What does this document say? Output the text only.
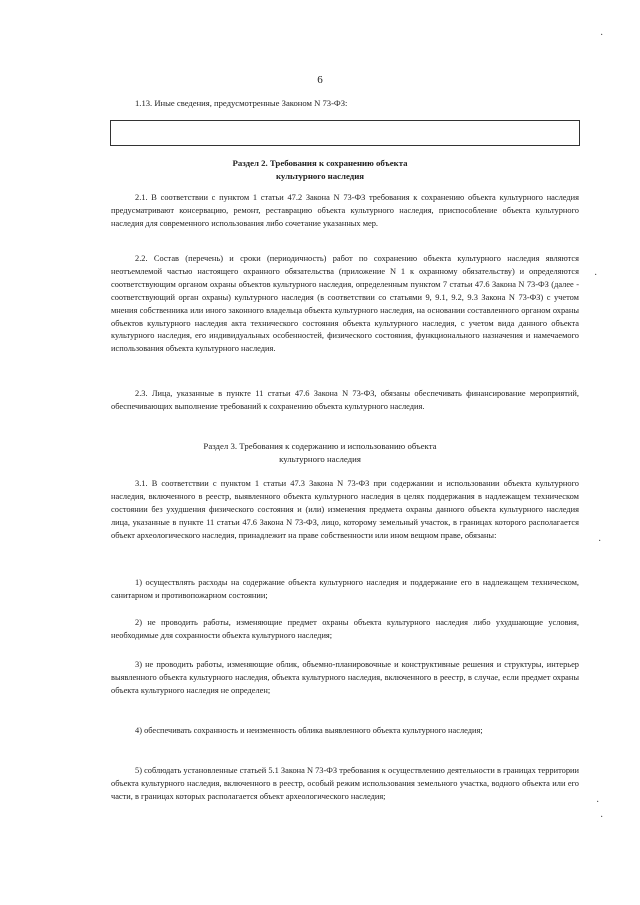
6
1.13. Иные сведения, предусмотренные Законом N 73-ФЗ:
Раздел 2. Требования к сохранению объекта
культурного наследия

2.1. В соответствии с пунктом 1 статьи 47.2 Закона N 73-ФЗ требования к сохранению объекта культурного наследия предусматривают консервацию, ремонт, реставрацию объекта культурного наследия, приспособление объекта культурного наследия для современного использования либо сочетание указанных мер.

2.2. Состав (перечень) и сроки (периодичность) работ по сохранению объекта культурного наследия являются неотъемлемой частью настоящего охранного обязательства (приложение N 1 к охранному обязательству) и определяются соответствующим органом охраны объектов культурного наследия, определенным пунктом 7 статьи 47.6 Закона N 73-ФЗ (далее - соответствующий орган охраны) культурного наследия (в соответствии со статьями 9, 9.1, 9.2, 9.3 Закона N 73-ФЗ) с учетом мнения собственника или иного законного владельца объекта культурного наследия, на основании составленного органом охраны объектов культурного наследия акта технического состояния объекта культурного наследия, с учетом вида данного объекта культурного наследия, его индивидуальных особенностей, физического состояния, функционального назначения и намечаемого использования объекта культурного наследия.

2.3. Лица, указанные в пункте 11 статьи 47.6 Закона N 73-ФЗ, обязаны обеспечивать финансирование мероприятий, обеспечивающих выполнение требований к сохранению объекта культурного наследия.

Раздел 3. Требования к содержанию и использованию объекта
культурного наследия

3.1. В соответствии с пунктом 1 статьи 47.3 Закона N 73-ФЗ при содержании и использовании объекта культурного наследия, включенного в реестр, выявленного объекта культурного наследия в целях поддержания в надлежащем техническом состоянии без ухудшения физического состояния и (или) изменения предмета охраны данного объекта культурного наследия лица, указанные в пункте 11 статьи 47.6 Закона N 73-ФЗ, лицо, которому земельный участок, в границах которого располагается объект археологического наследия, принадлежит на праве собственности или ином вещном праве, обязаны:

1) осуществлять расходы на содержание объекта культурного наследия и поддержание его в надлежащем техническом, санитарном и противопожарном состоянии;

2) не проводить работы, изменяющие предмет охраны объекта культурного наследия либо ухудшающие условия, необходимые для сохранности объекта культурного наследия;

3) не проводить работы, изменяющие облик, объемно-планировочные и конструктивные решения и структуры, интерьер выявленного объекта культурного наследия, объекта культурного наследия, включенного в реестр, в случае, если предмет охраны объекта культурного наследия не определен;

4) обеспечивать сохранность и неизменность облика выявленного объекта культурного наследия;

5) соблюдать установленные статьей 5.1 Закона N 73-ФЗ требования к осуществлению деятельности в границах территории объекта культурного наследия, включенного в реестр, особый режим использования земельного участка, водного объекта или его части, в границах которых располагается объект археологического наследия;

·
·
·
·
·
